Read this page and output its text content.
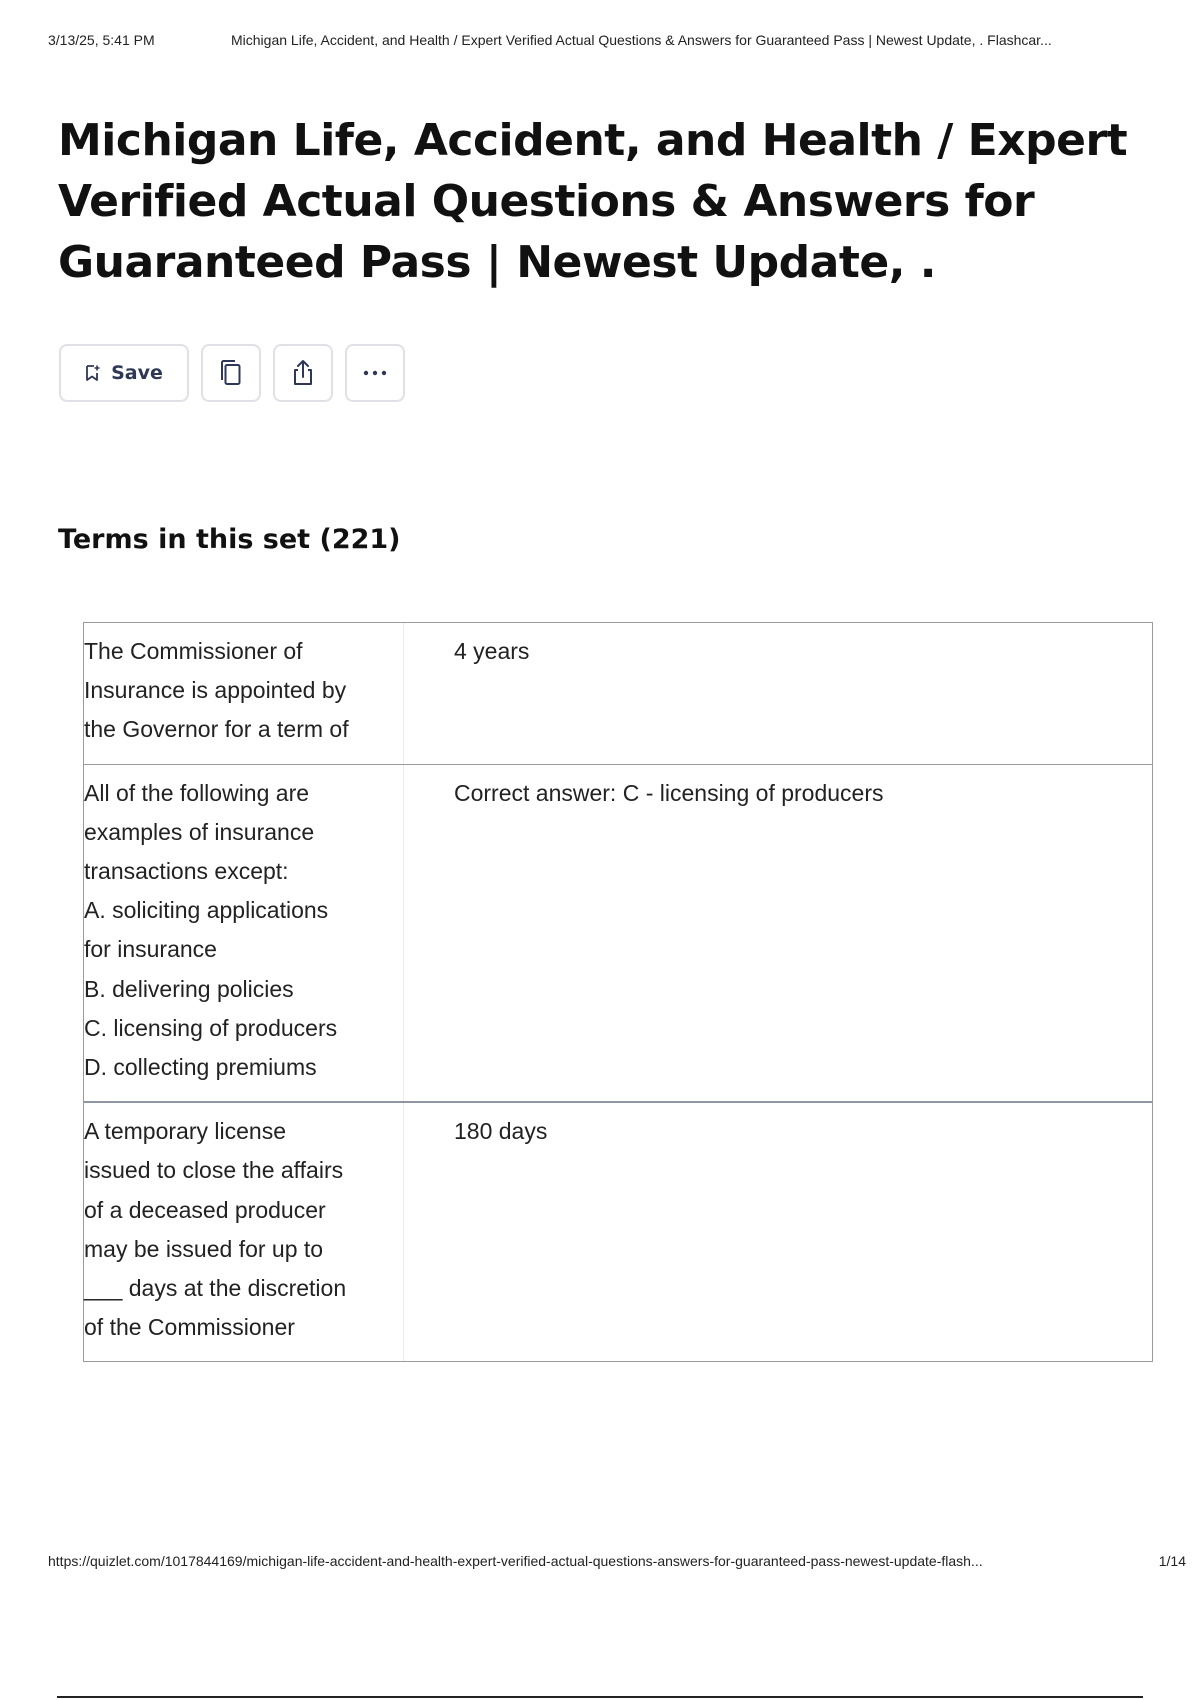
3/13/25, 5:41 PM	Michigan Life, Accident, and Health / Expert Verified Actual Questions & Answers for Guaranteed Pass | Newest Update, . Flashcar...
Michigan Life, Accident, and Health / Expert Verified Actual Questions & Answers for Guaranteed Pass | Newest Update, .
Save
Terms in this set (221)
The Commissioner of
Insurance is appointed by
the Governor for a term of
4 years
All of the following are
examples of insurance
transactions except:
A. soliciting applications
for insurance
B. delivering policies
C. licensing of producers
D. collecting premiums
Correct answer: C - licensing of producers
A temporary license
issued to close the affairs
of a deceased producer
may be issued for up to
___ days at the discretion
of the Commissioner
180 days
https://quizlet.com/1017844169/michigan-life-accident-and-health-expert-verified-actual-questions-answers-for-guaranteed-pass-newest-update-flash...	1/14
